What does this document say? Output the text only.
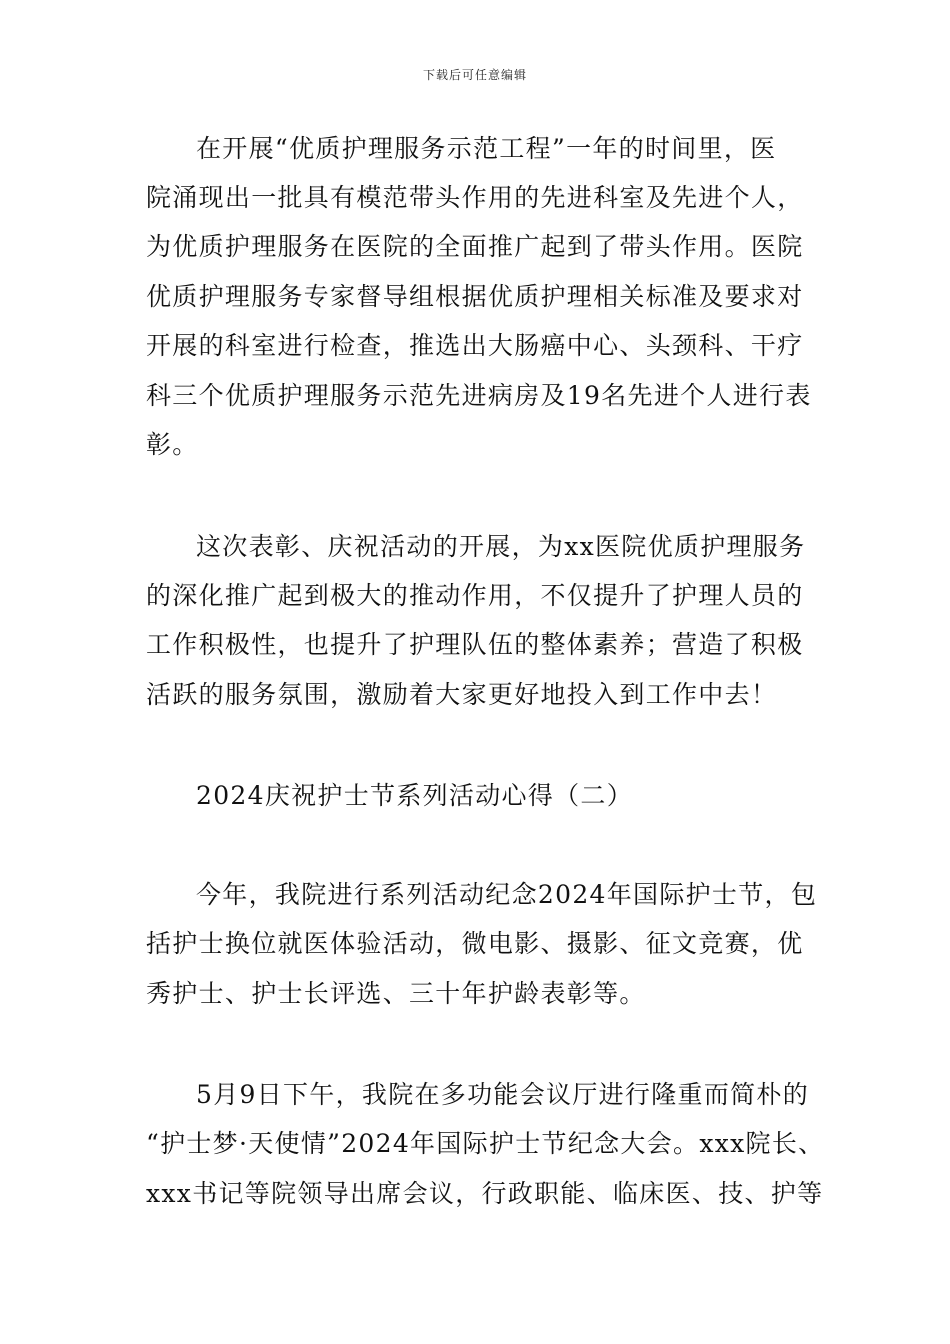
下载后可任意编辑
在开展“优质护理服务示范工程”一年的时间里，医
院涌现出一批具有模范带头作用的先进科室及先进个人，
为优质护理服务在医院的全面推广起到了带头作用。医院
优质护理服务专家督导组根据优质护理相关标准及要求对
开展的科室进行检查，推选出大肠癌中心、头颈科、干疗
科三个优质护理服务示范先进病房及19名先进个人进行表
彰。
这次表彰、庆祝活动的开展，为xx医院优质护理服务
的深化推广起到极大的推动作用，不仅提升了护理人员的
工作积极性，也提升了护理队伍的整体素养；营造了积极
活跃的服务氛围，激励着大家更好地投入到工作中去！
2024庆祝护士节系列活动心得（二）
今年，我院进行系列活动纪念2024年国际护士节，包
括护士换位就医体验活动，微电影、摄影、征文竞赛，优
秀护士、护士长评选、三十年护龄表彰等。
5月9日下午，我院在多功能会议厅进行隆重而简朴的
“护士梦·天使情”2024年国际护士节纪念大会。xxx院长、
xxx书记等院领导出席会议，行政职能、临床医、技、护等
